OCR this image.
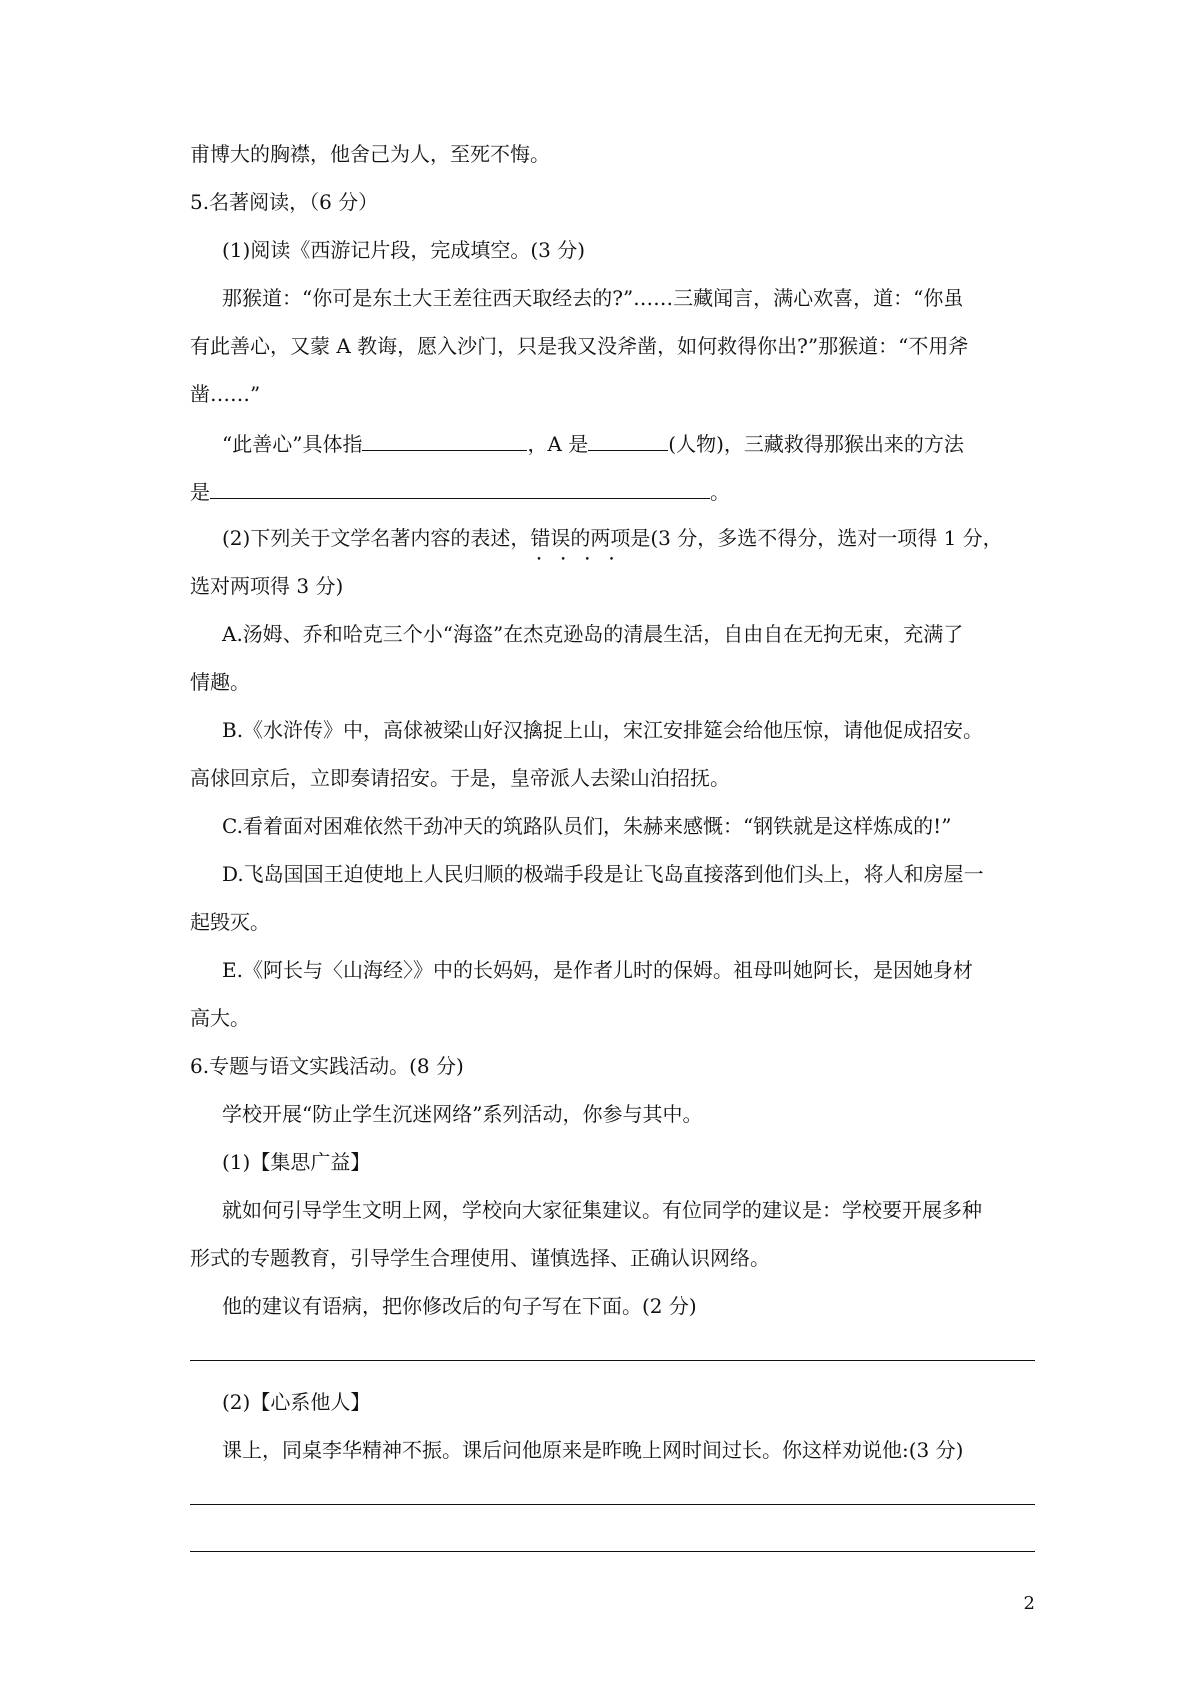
甫博大的胸襟，他舍己为人，至死不悔。
5.名著阅读，（6 分）
(1)阅读《西游记片段，完成填空。(3 分)
那猴道：“你可是东土大王差往西天取经去的?”……三藏闻言，满心欢喜，道：“你虽
有此善心，又蒙 A 教诲，愿入沙门，只是我又没斧凿，如何救得你出?”那猴道：“不用斧
凿……”
“此善心”具体指	，A 是	(人物)，三藏救得那猴出来的方法
是	。
(2)下列关于文学名著内容的表述，错误的两项 • •是(3 分，多选不得分，选对一项得 1 分，
选对两项得 3 分)
A.汤姆、乔和哈克三个小“海盗”在杰克逊岛的清晨生活，自由自在无拘无束，充满了
情趣。
B.《水浒传》中，高俅被梁山好汉擒捉上山，宋江安排筵会给他压惊，请他促成招安。
高俅回京后，立即奏请招安。于是，皇帝派人去梁山泊招抚。
C.看着面对困难依然干劲冲天的筑路队员们，朱赫来感慨：“钢铁就是这样炼成的!”
D.飞岛国国王迫使地上人民归顺的极端手段是让飞岛直接落到他们头上，将人和房屋一
起毁灭。
E.《阿长与〈山海经〉》中的长妈妈，是作者儿时的保姆。祖母叫她阿长，是因她身材
高大。
6.专题与语文实践活动。(8 分)
学校开展“防止学生沉迷网络”系列活动，你参与其中。
(1)【集思广益】
就如何引导学生文明上网，学校向大家征集建议。有位同学的建议是：学校要开展多种
形式的专题教育，引导学生合理使用、谨慎选择、正确认识网络。
他的建议有语病，把你修改后的句子写在下面。(2 分)
(2)【心系他人】
课上，同桌李华精神不振。课后问他原来是昨晚上网时间过长。你这样劝说他:(3 分)
2
